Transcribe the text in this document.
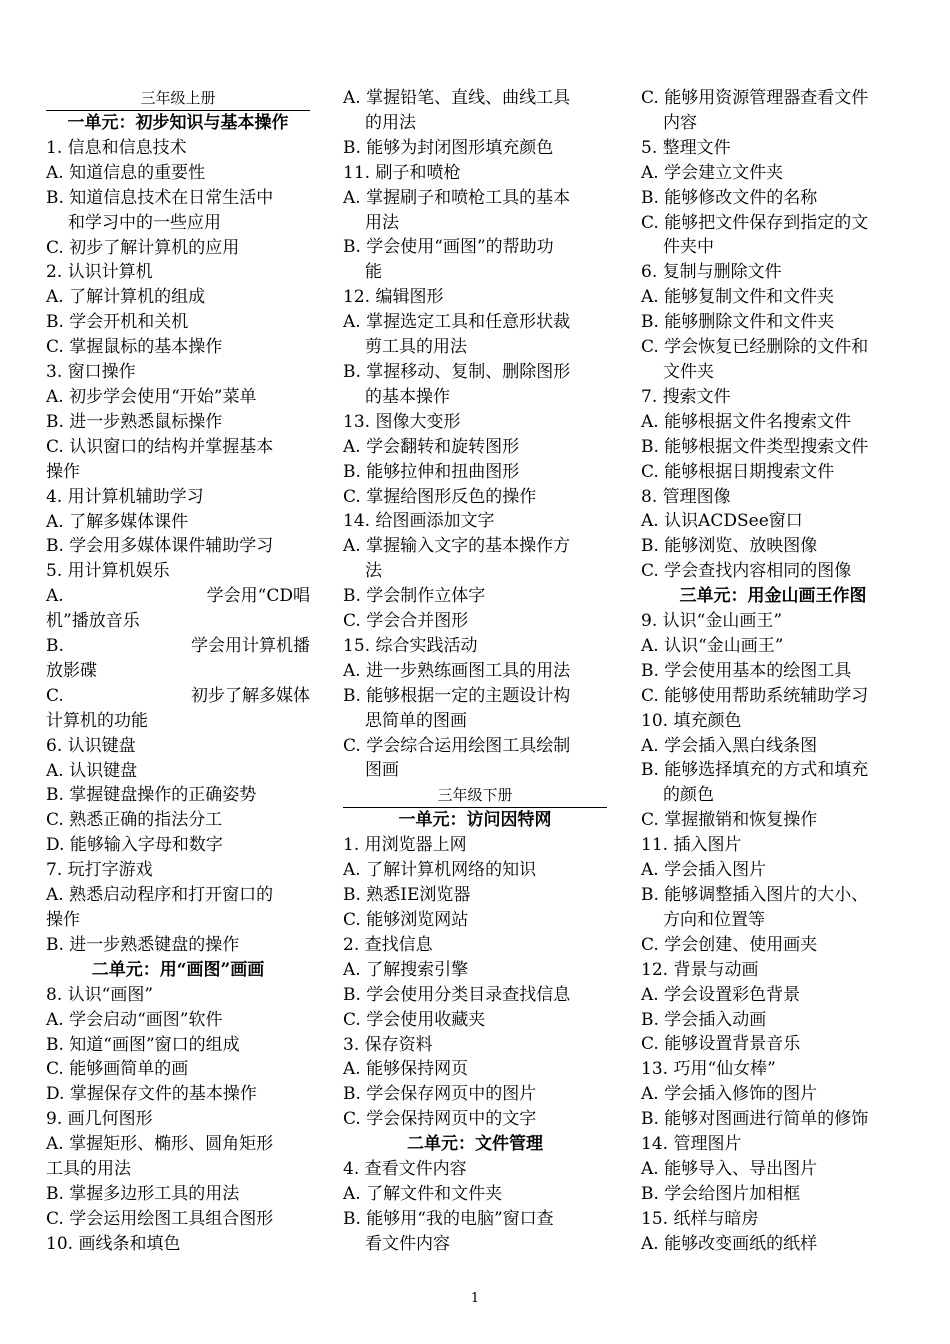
三年级上册
一单元：初步知识与基本操作
1. 信息和信息技术
A. 知道信息的重要性
B. 知道信息技术在日常生活中
和学习中的一些应用
C. 初步了解计算机的应用
2. 认识计算机
A. 了解计算机的组成
B. 学会开机和关机
C. 掌握鼠标的基本操作
3. 窗口操作
A. 初步学会使用“开始”菜单
B. 进一步熟悉鼠标操作
C. 认识窗口的结构并掌握基本
操作
4. 用计算机辅助学习
A. 了解多媒体课件
B. 学会用多媒体课件辅助学习
5. 用计算机娱乐
A.	学会用“CD唱
机”播放音乐
B.	学会用计算机播
放影碟
C.	初步了解多媒体
计算机的功能
6. 认识键盘
A. 认识键盘
B. 掌握键盘操作的正确姿势
C. 熟悉正确的指法分工
D. 能够输入字母和数字
7. 玩打字游戏
A. 熟悉启动程序和打开窗口的
操作
B. 进一步熟悉键盘的操作
二单元：用“画图”画画
8. 认识“画图”
A. 学会启动“画图”软件
B. 知道“画图”窗口的组成
C. 能够画简单的画
D. 掌握保存文件的基本操作
9. 画几何图形
A. 掌握矩形、椭形、圆角矩形
工具的用法
B. 掌握多边形工具的用法
C. 学会运用绘图工具组合图形
10. 画线条和填色
A. 掌握铅笔、直线、曲线工具
的用法
B. 能够为封闭图形填充颜色
11. 刷子和喷枪
A. 掌握刷子和喷枪工具的基本
用法
B. 学会使用“画图”的帮助功
能
12. 编辑图形
A. 掌握选定工具和任意形状裁
剪工具的用法
B. 掌握移动、复制、删除图形
的基本操作
13. 图像大变形
A. 学会翻转和旋转图形
B. 能够拉伸和扭曲图形
C. 掌握给图形反色的操作
14. 给图画添加文字
A. 掌握输入文字的基本操作方
法
B. 学会制作立体字
C. 学会合并图形
15. 综合实践活动
A. 进一步熟练画图工具的用法
B. 能够根据一定的主题设计构
思简单的图画
C. 学会综合运用绘图工具绘制
图画
三年级下册
一单元：访问因特网
1. 用浏览器上网
A. 了解计算机网络的知识
B. 熟悉IE浏览器
C. 能够浏览网站
2. 查找信息
A. 了解搜索引擎
B. 学会使用分类目录查找信息
C. 学会使用收藏夹
3. 保存资料
A. 能够保持网页
B. 学会保存网页中的图片
C. 学会保持网页中的文字
二单元：文件管理
4. 查看文件内容
A. 了解文件和文件夹
B. 能够用“我的电脑”窗口查
看文件内容
C. 能够用资源管理器查看文件
内容
5. 整理文件
A. 学会建立文件夹
B. 能够修改文件的名称
C. 能够把文件保存到指定的文
件夹中
6. 复制与删除文件
A. 能够复制文件和文件夹
B. 能够删除文件和文件夹
C. 学会恢复已经删除的文件和
文件夹
7. 搜索文件
A. 能够根据文件名搜索文件
B. 能够根据文件类型搜索文件
C. 能够根据日期搜索文件
8. 管理图像
A. 认识ACDSee窗口
B. 能够浏览、放映图像
C. 学会查找内容相同的图像
三单元：用金山画王作图
9. 认识“金山画王”
A. 认识“金山画王”
B. 学会使用基本的绘图工具
C. 能够使用帮助系统辅助学习
10. 填充颜色
A. 学会插入黑白线条图
B. 能够选择填充的方式和填充
的颜色
C. 掌握撤销和恢复操作
11. 插入图片
A. 学会插入图片
B. 能够调整插入图片的大小、
方向和位置等
C. 学会创建、使用画夹
12. 背景与动画
A. 学会设置彩色背景
B. 学会插入动画
C. 能够设置背景音乐
13. 巧用“仙女棒”
A. 学会插入修饰的图片
B. 能够对图画进行简单的修饰
14. 管理图片
A. 能够导入、导出图片
B. 学会给图片加相框
15. 纸样与暗房
A. 能够改变画纸的纸样
1
